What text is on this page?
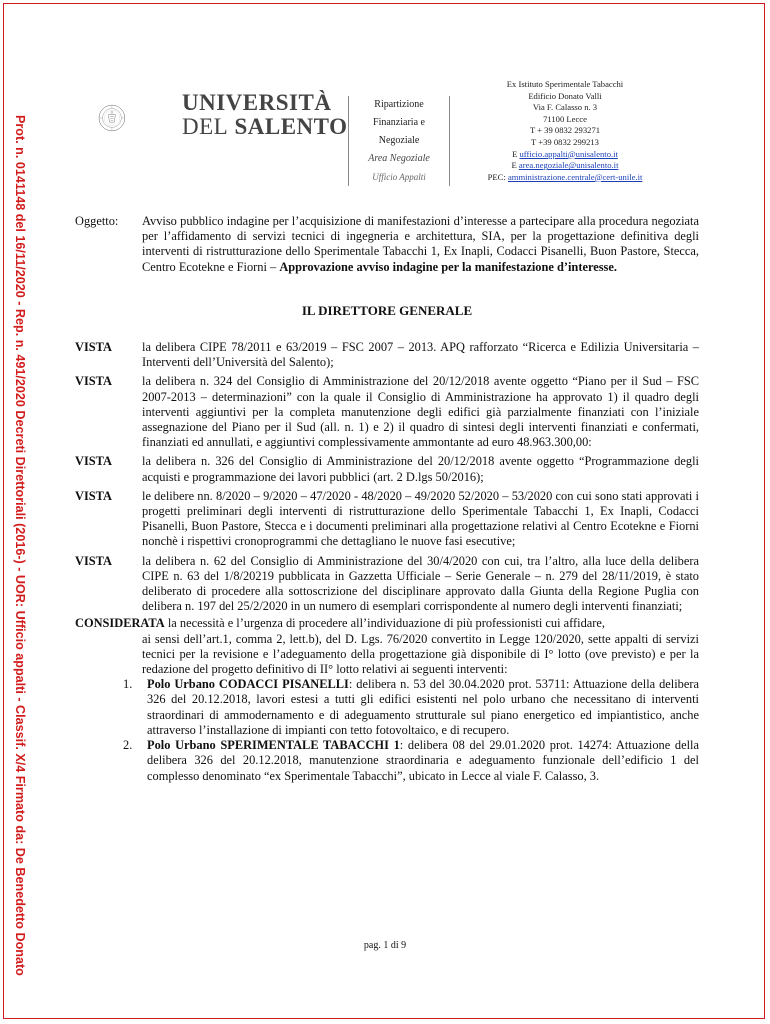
Prot. n. 0141148 del 16/11/2020 - Rep. n. 491/2020 Decreti Direttoriali (2016-) - UOR: Ufficio appalti - Classif. X/4 Firmato da: De Benedetto Donato
UNIVERSITÀ
DEL SALENTO
Ripartizione
Finanziaria e
Negoziale
Area Negoziale
Ufficio Appalti
Ex Istituto Sperimentale Tabacchi
Edificio Donato Valli
Via F. Calasso n. 3
71100 Lecce
T + 39 0832 293271
T +39 0832 299213
E ufficio.appalti@unisalento.it
E area.negoziale@unisalento.it
PEC: amministrazione.centrale@cert-unile.it
Oggetto:	Avviso pubblico indagine per l’acquisizione di manifestazioni d’interesse a partecipare alla procedura negoziata per l’affidamento di servizi tecnici di ingegneria e architettura, SIA, per la progettazione definitiva degli interventi di ristrutturazione dello Sperimentale Tabacchi 1, Ex Inapli, Codacci Pisanelli, Buon Pastore, Stecca, Centro Ecotekne e Fiorni – Approvazione avviso indagine per la manifestazione d’interesse.
IL DIRETTORE GENERALE
VISTA	la delibera CIPE 78/2011 e 63/2019 – FSC 2007 – 2013. APQ rafforzato “Ricerca e Edilizia Universitaria – Interventi dell’Università del Salento);
VISTA	la delibera n. 324 del Consiglio di Amministrazione del 20/12/2018 avente oggetto “Piano per il Sud – FSC 2007-2013 – determinazioni” con la quale il Consiglio di Amministrazione ha approvato 1) il quadro degli interventi aggiuntivi per la completa manutenzione degli edifici già parzialmente finanziati con l’iniziale assegnazione del Piano per il Sud (all. n. 1) e 2) il quadro di sintesi degli interventi finanziati e confermati, finanziati ed annullati, e aggiuntivi complessivamente ammontante ad euro 48.963.300,00:
VISTA	la delibera n. 326 del Consiglio di Amministrazione del 20/12/2018 avente oggetto “Programmazione degli acquisti e programmazione dei lavori pubblici (art. 2 D.lgs 50/2016);
VISTA	le delibere nn. 8/2020 – 9/2020 – 47/2020 - 48/2020 – 49/2020 52/2020 – 53/2020 con cui sono stati approvati i progetti preliminari degli interventi di ristrutturazione dello Sperimentale Tabacchi 1, Ex Inapli, Codacci Pisanelli, Buon Pastore, Stecca e i documenti preliminari alla progettazione relativi al Centro Ecotekne e Fiorni nonchè i rispettivi cronoprogrammi che dettagliano le nuove fasi esecutive;
VISTA	la delibera n. 62 del Consiglio di Amministrazione del 30/4/2020 con cui, tra l’altro, alla luce della delibera CIPE n. 63 del 1/8/20219 pubblicata in Gazzetta Ufficiale – Serie Generale – n. 279 del 28/11/2019, è stato deliberato di procedere alla sottoscrizione del disciplinare approvato dalla Giunta della Regione Puglia con delibera n. 197 del 25/2/2020 in un numero di esemplari corrispondente al numero degli interventi finanziati;
CONSIDERATA la necessità e l’urgenza di procedere all’individuazione di più professionisti cui affidare,
ai sensi dell’art.1, comma 2, lett.b), del D. Lgs. 76/2020 convertito in Legge 120/2020, sette appalti di servizi tecnici per la revisione e l’adeguamento della progettazione già disponibile di I° lotto (ove previsto) e per la redazione del progetto definitivo di II° lotto relativi ai seguenti interventi:
1.	Polo Urbano CODACCI PISANELLI: delibera n. 53 del 30.04.2020 prot. 53711: Attuazione della delibera 326 del 20.12.2018, lavori estesi a tutti gli edifici esistenti nel polo urbano che necessitano di interventi straordinari di ammodernamento e di adeguamento strutturale sul piano energetico ed impiantistico, anche attraverso l’installazione di impianti con tetto fotovoltaico, e di recupero.
2.	Polo Urbano SPERIMENTALE TABACCHI 1: delibera 08 del 29.01.2020 prot. 14274: Attuazione della delibera 326 del 20.12.2018, manutenzione straordinaria e adeguamento funzionale dell’edificio 1 del complesso denominato “ex Sperimentale Tabacchi”, ubicato in Lecce al viale F. Calasso, 3.
pag. 1 di 9
